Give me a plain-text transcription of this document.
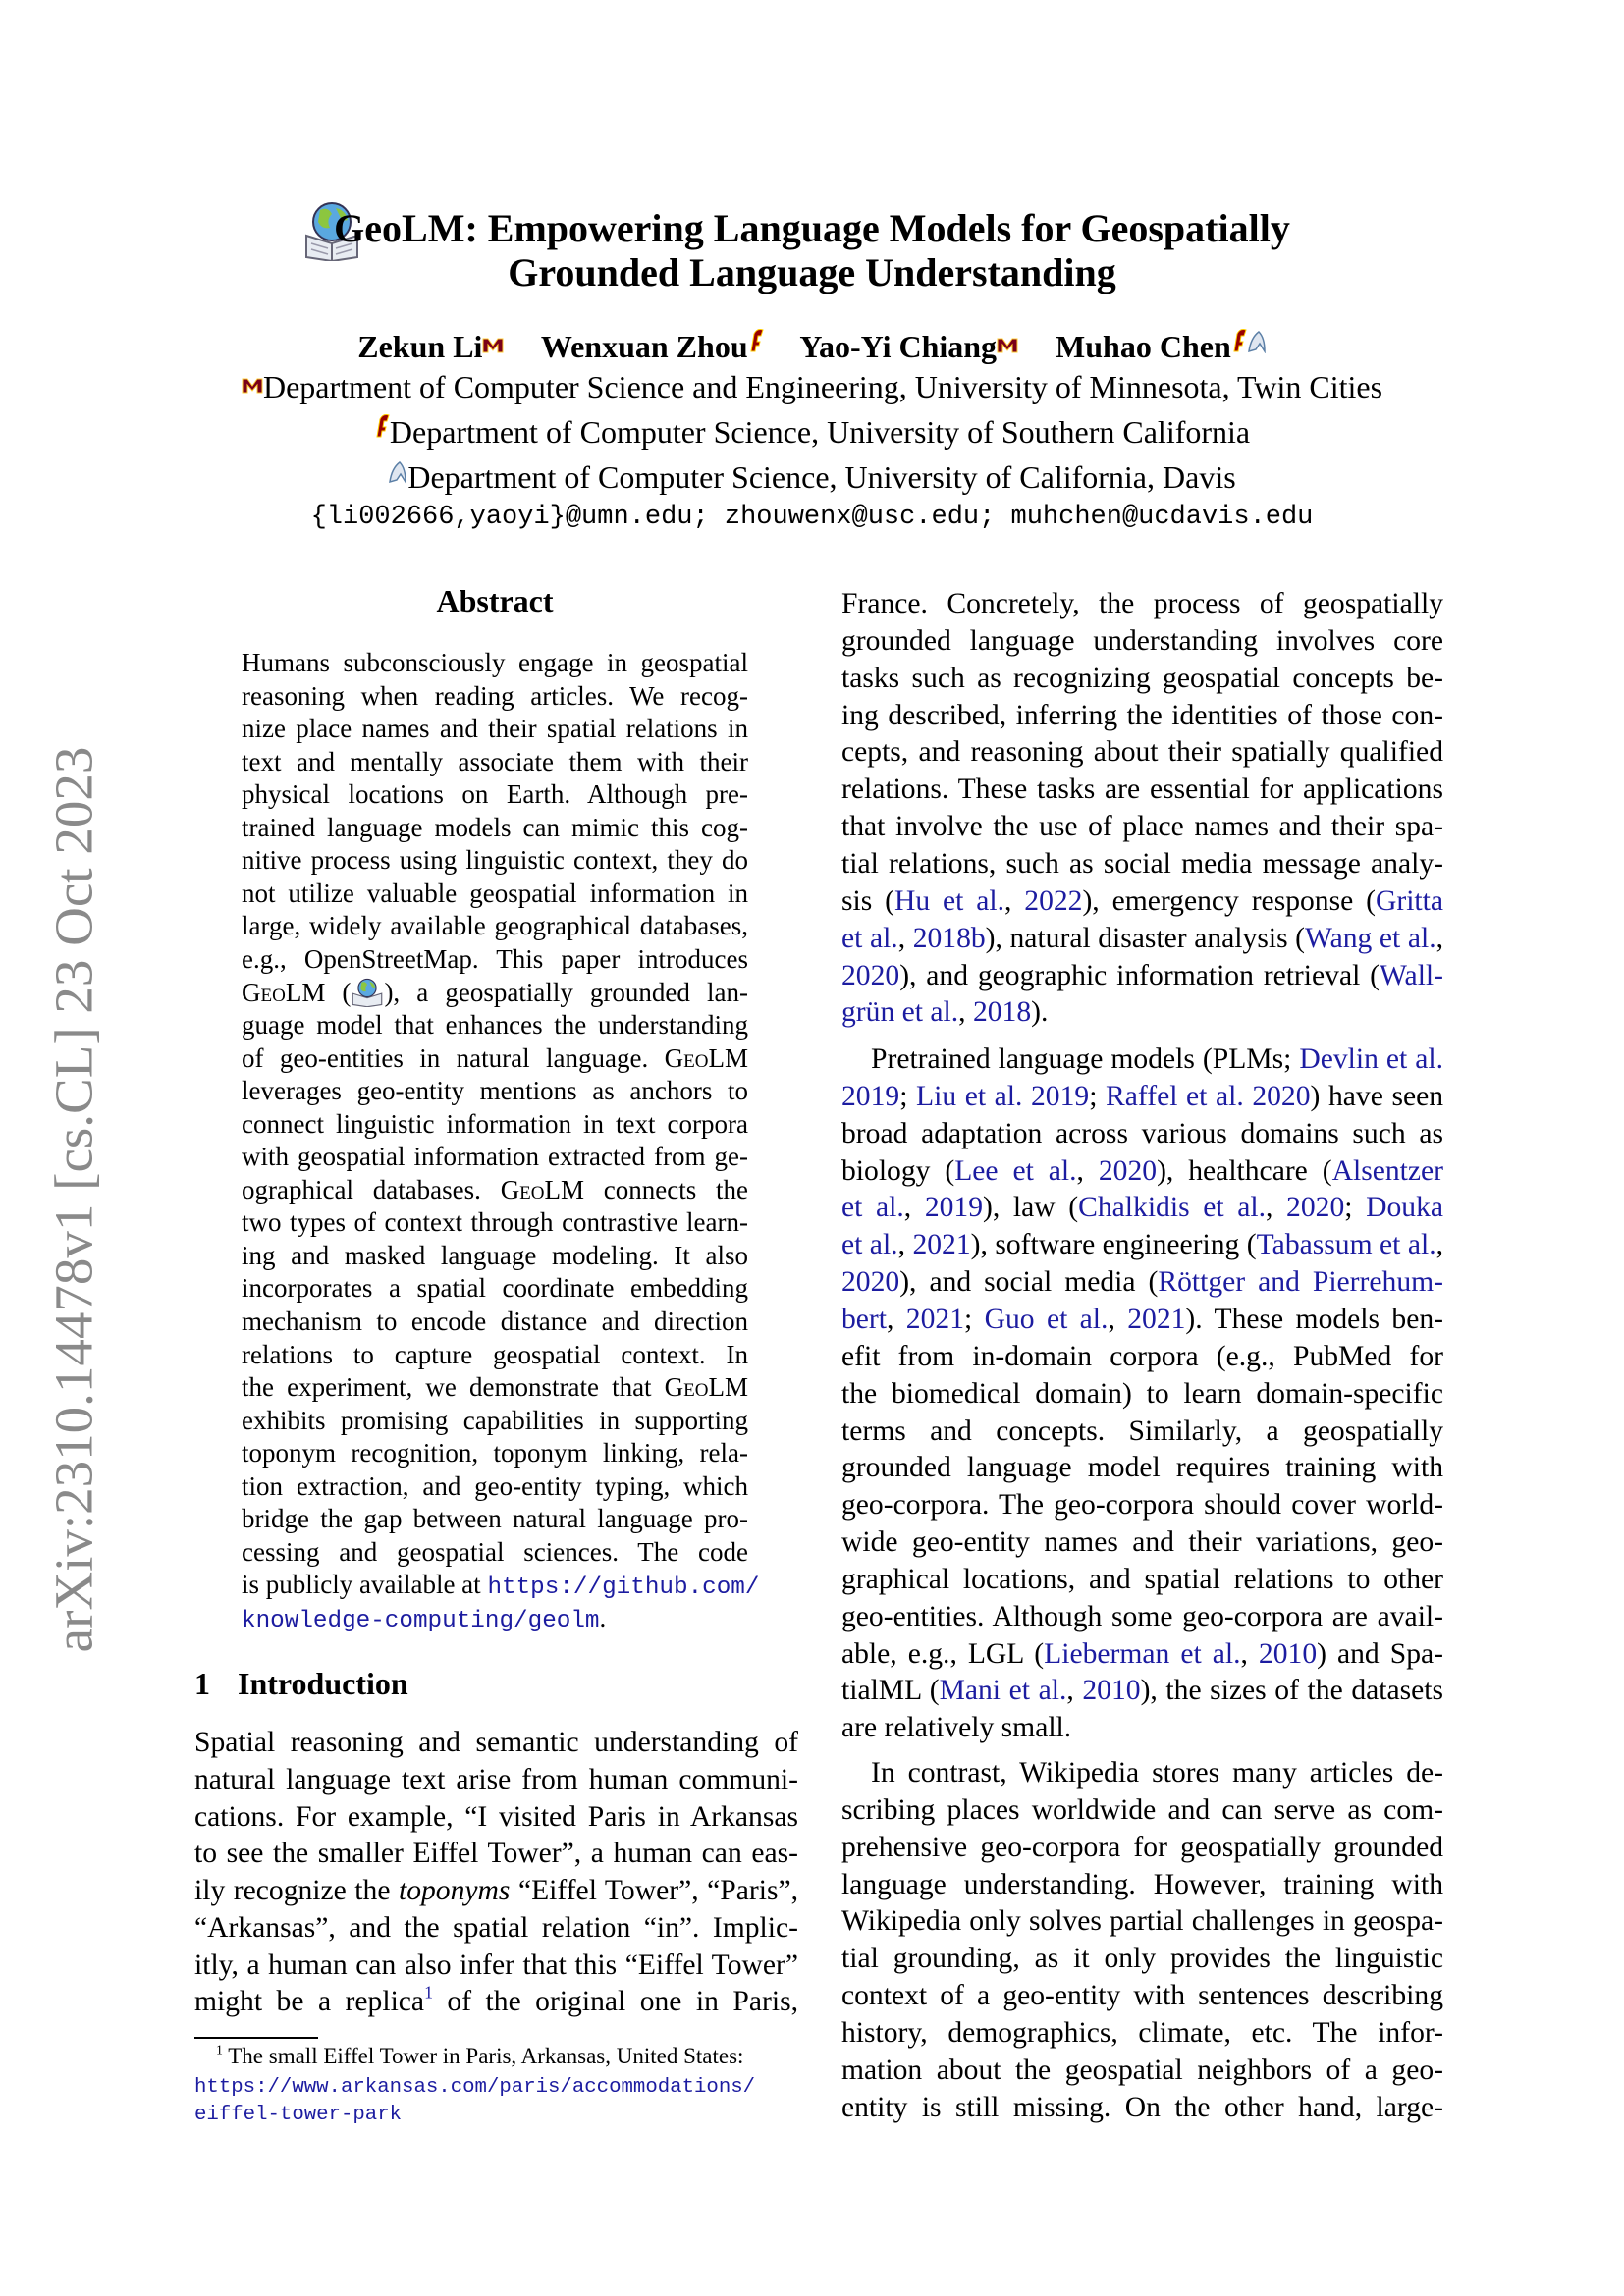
arXiv:2310.14478v1 [cs.CL] 23 Oct 2023
GeoLM: Empowering Language Models for Geospatially
Grounded Language Understanding
Zekun Li Wenxuan Zhou Yao-Yi Chiang Muhao Chen
Department of Computer Science and Engineering, University of Minnesota, Twin Cities
Department of Computer Science, University of Southern California
Department of Computer Science, University of California, Davis
{li002666,yaoyi}@umn.edu; zhouwenx@usc.edu; muhchen@ucdavis.edu
Abstract
Humans subconsciously engage in geospatial
reasoning when reading articles. We recog-
nize place names and their spatial relations in
text and mentally associate them with their
physical locations on Earth. Although pre-
trained language models can mimic this cog-
nitive process using linguistic context, they do
not utilize valuable geospatial information in
large, widely available geographical databases,
e.g., OpenStreetMap. This paper introduces
GeoLM ( ), a geospatially grounded lan-
guage model that enhances the understanding
of geo-entities in natural language. GeoLM
leverages geo-entity mentions as anchors to
connect linguistic information in text corpora
with geospatial information extracted from ge-
ographical databases. GeoLM connects the
two types of context through contrastive learn-
ing and masked language modeling. It also
incorporates a spatial coordinate embedding
mechanism to encode distance and direction
relations to capture geospatial context. In
the experiment, we demonstrate that GeoLM
exhibits promising capabilities in supporting
toponym recognition, toponym linking, rela-
tion extraction, and geo-entity typing, which
bridge the gap between natural language pro-
cessing and geospatial sciences. The code
is publicly available at https://github.com/
knowledge-computing/geolm.
1 Introduction
Spatial reasoning and semantic understanding of
natural language text arise from human communi-
cations. For example, “I visited Paris in Arkansas
to see the smaller Eiffel Tower”, a human can eas-
ily recognize the toponyms “Eiffel Tower”, “Paris”,
“Arkansas”, and the spatial relation “in”. Implic-
itly, a human can also infer that this “Eiffel Tower”
might be a replica$^1$ of the original one in Paris,
$^1$ The small Eiffel Tower in Paris, Arkansas, United States:
https://www.arkansas.com/paris/accommodations/
eiffel-tower-park
France. Concretely, the process of geospatially
grounded language understanding involves core
tasks such as recognizing geospatial concepts be-
ing described, inferring the identities of those con-
cepts, and reasoning about their spatially qualified
relations. These tasks are essential for applications
that involve the use of place names and their spa-
tial relations, such as social media message analy-
sis (Hu et al., 2022), emergency response (Gritta
et al., 2018b), natural disaster analysis (Wang et al.,
2020), and geographic information retrieval (Wall-
grün et al., 2018).
Pretrained language models (PLMs; Devlin et al.
2019; Liu et al. 2019; Raffel et al. 2020) have seen
broad adaptation across various domains such as
biology (Lee et al., 2020), healthcare (Alsentzer
et al., 2019), law (Chalkidis et al., 2020; Douka
et al., 2021), software engineering (Tabassum et al.,
2020), and social media (Röttger and Pierrehum-
bert, 2021; Guo et al., 2021). These models ben-
efit from in-domain corpora (e.g., PubMed for
the biomedical domain) to learn domain-specific
terms and concepts. Similarly, a geospatially
grounded language model requires training with
geo-corpora. The geo-corpora should cover world-
wide geo-entity names and their variations, geo-
graphical locations, and spatial relations to other
geo-entities. Although some geo-corpora are avail-
able, e.g., LGL (Lieberman et al., 2010) and Spa-
tialML (Mani et al., 2010), the sizes of the datasets
are relatively small.
In contrast, Wikipedia stores many articles de-
scribing places worldwide and can serve as com-
prehensive geo-corpora for geospatially grounded
language understanding. However, training with
Wikipedia only solves partial challenges in geospa-
tial grounding, as it only provides the linguistic
context of a geo-entity with sentences describing
history, demographics, climate, etc. The infor-
mation about the geospatial neighbors of a geo-
entity is still missing. On the other hand, large-
